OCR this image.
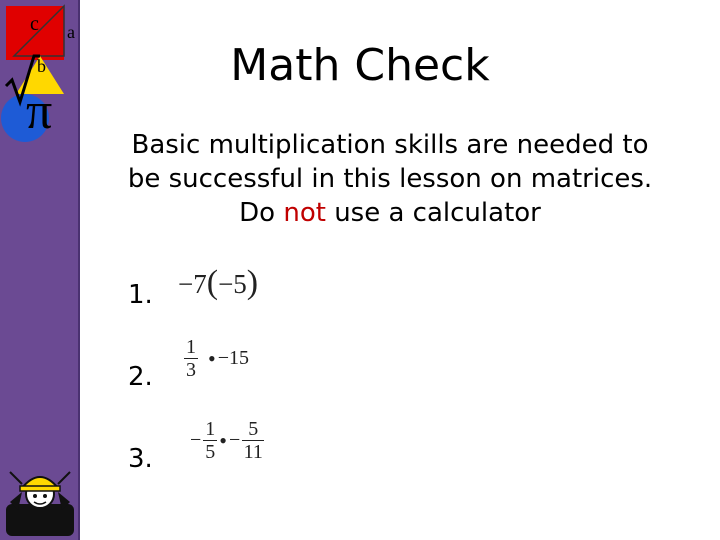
c a
b
π
Math Check
Basic multiplication skills are needed to be successful in this lesson on matrices. Do not use a calculator
1. −7(−5)
2.
1
3 • −15
3.
− 1
5 • − 5
11
